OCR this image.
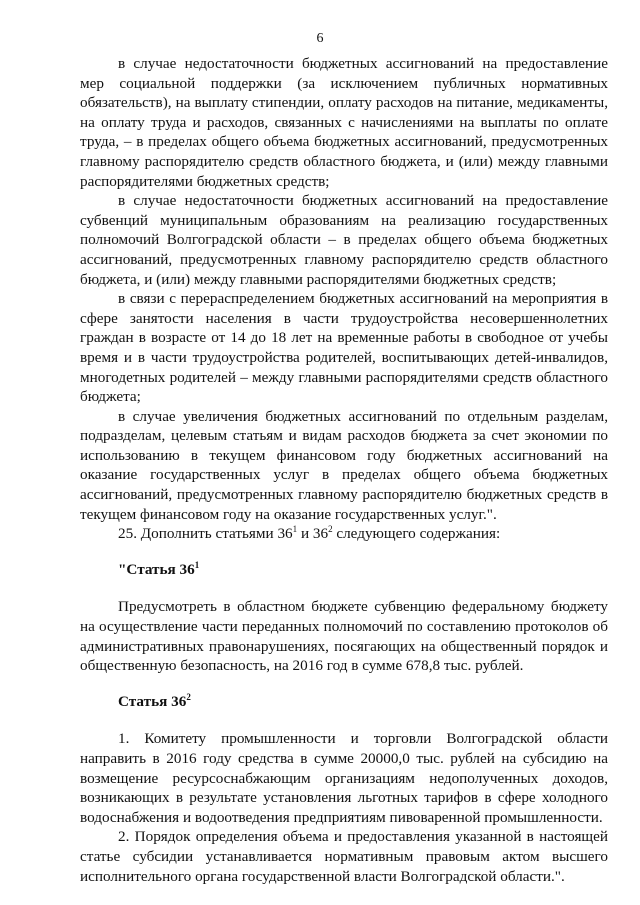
6

в случае недостаточности бюджетных ассигнований на предоставление мер социальной поддержки (за исключением публичных нормативных обязательств), на выплату стипендии, оплату расходов на питание, медикаменты, на оплату труда и расходов, связанных с начислениями на выплаты по оплате труда, – в пределах общего объема бюджетных ассигнований, предусмотренных главному распорядителю средств областного бюджета, и (или) между главными распорядителями бюджетных средств;

в случае недостаточности бюджетных ассигнований на предоставление субвенций муниципальным образованиям на реализацию государственных полномочий Волгоградской области – в пределах общего объема бюджетных ассигнований, предусмотренных главному распорядителю средств областного бюджета, и (или) между главными распорядителями бюджетных средств;

в связи с перераспределением бюджетных ассигнований на мероприятия в сфере занятости населения в части трудоустройства несовершеннолетних граждан в возрасте от 14 до 18 лет на временные работы в свободное от учебы время и в части трудоустройства родителей, воспитывающих детей-инвалидов, многодетных родителей – между главными распорядителями средств областного бюджета;

в случае увеличения бюджетных ассигнований по отдельным разделам, подразделам, целевым статьям и видам расходов бюджета за счет экономии по использованию в текущем финансовом году бюджетных ассигнований на оказание государственных услуг в пределах общего объема бюджетных ассигнований, предусмотренных главному распорядителю бюджетных средств в текущем финансовом году на оказание государственных услуг.".

25. Дополнить статьями $36^1$ и $36^2$ следующего содержания:

"Статья $36^1$

Предусмотреть в областном бюджете субвенцию федеральному бюджету на осуществление части переданных полномочий по составлению протоколов об административных правонарушениях, посягающих на общественный порядок и общественную безопасность, на 2016 год в сумме 678,8 тыс. рублей.

Статья $36^2$

1. Комитету промышленности и торговли Волгоградской области направить в 2016 году средства в сумме 20000,0 тыс. рублей на субсидию на возмещение ресурсоснабжающим организациям недополученных доходов, возникающих в результате установления льготных тарифов в сфере холодного водоснабжения и водоотведения предприятиям пивоваренной промышленности.

2. Порядок определения объема и предоставления указанной в настоящей статье субсидии устанавливается нормативным правовым актом высшего исполнительного органа государственной власти Волгоградской области.".
